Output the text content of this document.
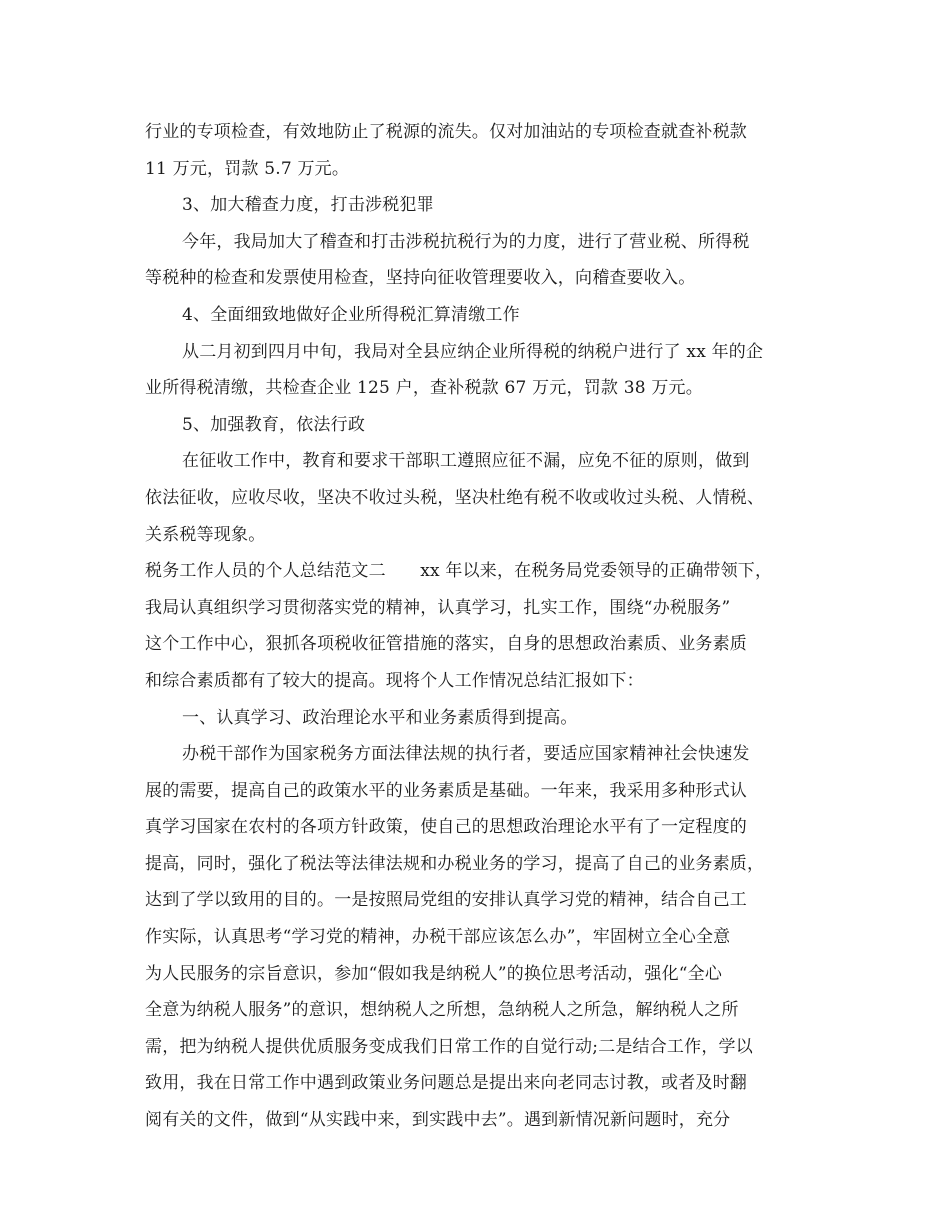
行业的专项检查，有效地防止了税源的流失。仅对加油站的专项检查就查补税款
11 万元，罚款 5.7 万元。
3、加大稽查力度，打击涉税犯罪
今年，我局加大了稽查和打击涉税抗税行为的力度，进行了营业税、所得税
等税种的检查和发票使用检查，坚持向征收管理要收入，向稽查要收入。
4、全面细致地做好企业所得税汇算清缴工作
从二月初到四月中旬，我局对全县应纳企业所得税的纳税户进行了 xx 年的企
业所得税清缴，共检查企业 125 户，查补税款 67 万元，罚款 38 万元。
5、加强教育，依法行政
在征收工作中，教育和要求干部职工遵照应征不漏，应免不征的原则，做到
依法征收，应收尽收，坚决不收过头税，坚决杜绝有税不收或收过头税、人情税、
关系税等现象。
税务工作人员的个人总结范文二　　xx 年以来，在税务局党委领导的正确带领下，
我局认真组织学习贯彻落实党的精神，认真学习，扎实工作，围绕“办税服务”
这个工作中心，狠抓各项税收征管措施的落实，自身的思想政治素质、业务素质
和综合素质都有了较大的提高。现将个人工作情况总结汇报如下：
一、认真学习、政治理论水平和业务素质得到提高。
办税干部作为国家税务方面法律法规的执行者，要适应国家精神社会快速发
展的需要，提高自己的政策水平的业务素质是基础。一年来，我采用多种形式认
真学习国家在农村的各项方针政策，使自己的思想政治理论水平有了一定程度的
提高，同时，强化了税法等法律法规和办税业务的学习，提高了自己的业务素质，
达到了学以致用的目的。一是按照局党组的安排认真学习党的精神，结合自己工
作实际，认真思考“学习党的精神，办税干部应该怎么办”，牢固树立全心全意
为人民服务的宗旨意识，参加“假如我是纳税人”的换位思考活动，强化“全心
全意为纳税人服务”的意识，想纳税人之所想，急纳税人之所急，解纳税人之所
需，把为纳税人提供优质服务变成我们日常工作的自觉行动;二是结合工作，学以
致用，我在日常工作中遇到政策业务问题总是提出来向老同志讨教，或者及时翻
阅有关的文件，做到“从实践中来，到实践中去”。遇到新情况新问题时，充分
